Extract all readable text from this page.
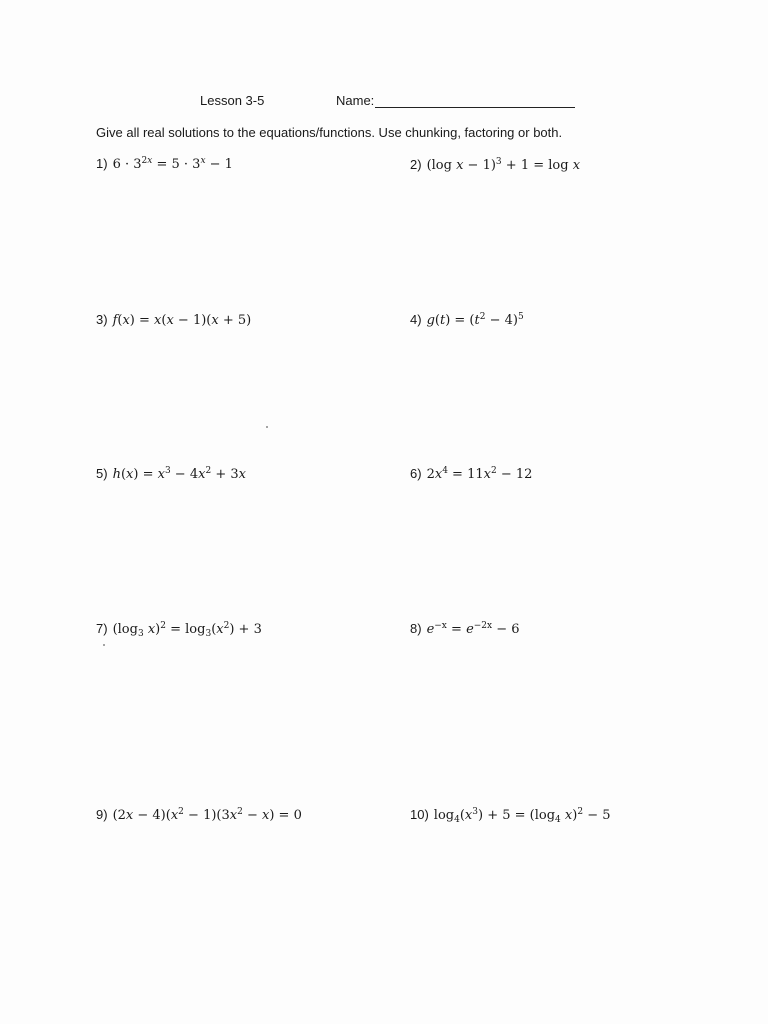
Lesson 3-5	Name:
Give all real solutions to the equations/functions. Use chunking, factoring or both.
1) $6 \cdot 3^{2x} = 5 \cdot 3^x - 1$	2) (log x − 1)$^3$ + 1 = log x
3) f(x) = x(x − 1)(x + 5)	4) $g(t) = (t^2 - 4)^5$
5) $h(x) = x^3 - 4x^2 + 3x$	6) $2x^4 = 11x^2 - 12$
7) ($\log_3$ $x)^2 = \log_3(x^2) + 3$	8) $e^{-x} = e^{-2x} - 6$
9) $(2x - 4)(x^2 - 1)(3x^2 - x) = 0$	10) $\log_4(x^3) + 5 = (\log_4$ x)$^2$ − 5
